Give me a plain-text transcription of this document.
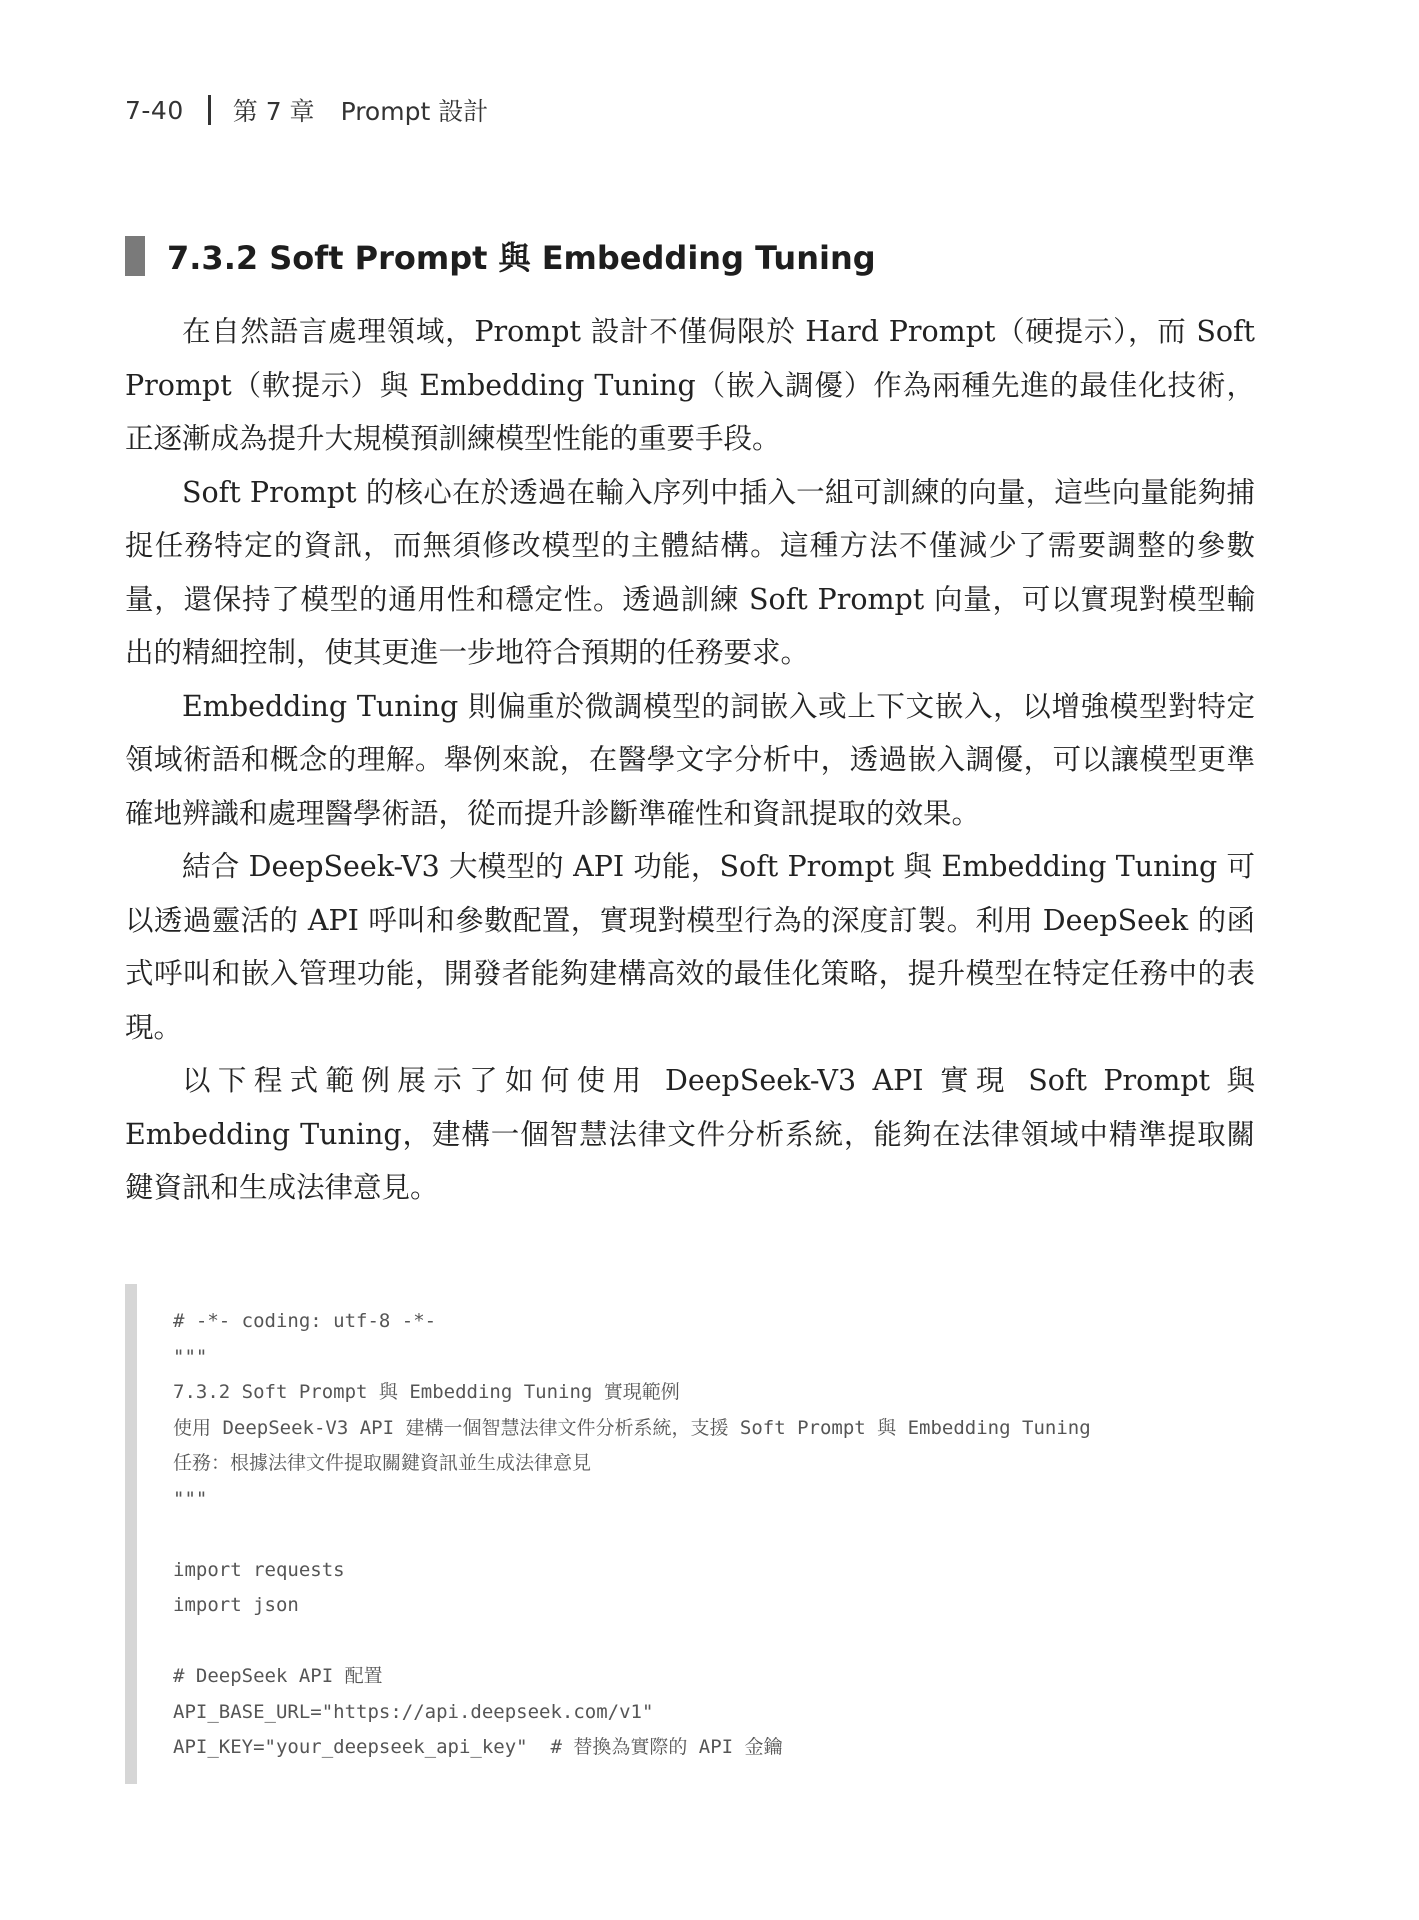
7-40 第 7 章 Prompt 設計
7.3.2 Soft Prompt 與 Embedding Tuning

在自然語言處理領域，Prompt 設計不僅侷限於 Hard Prompt（硬提示），而 Soft Prompt（軟提示）與 Embedding Tuning（嵌入調優）作為兩種先進的最佳化技術，正逐漸成為提升大規模預訓練模型性能的重要手段。

Soft Prompt 的核心在於透過在輸入序列中插入一組可訓練的向量，這些向量能夠捕捉任務特定的資訊，而無須修改模型的主體結構。這種方法不僅減少了需要調整的參數量，還保持了模型的通用性和穩定性。透過訓練 Soft Prompt 向量，可以實現對模型輸出的精細控制，使其更進一步地符合預期的任務要求。

Embedding Tuning 則偏重於微調模型的詞嵌入或上下文嵌入，以增強模型對特定領域術語和概念的理解。舉例來說，在醫學文字分析中，透過嵌入調優，可以讓模型更準確地辨識和處理醫學術語，從而提升診斷準確性和資訊提取的效果。

結合 DeepSeek-V3 大模型的 API 功能，Soft Prompt 與 Embedding Tuning 可以透過靈活的 API 呼叫和參數配置，實現對模型行為的深度訂製。利用 DeepSeek 的函式呼叫和嵌入管理功能，開發者能夠建構高效的最佳化策略，提升模型在特定任務中的表現。

以下程式範例展示了如何使用 DeepSeek-V3 API 實現 Soft Prompt 與 Embedding Tuning，建構一個智慧法律文件分析系統，能夠在法律領域中精準提取關鍵資訊和生成法律意見。

# -*- coding: utf-8 -*-
"""
7.3.2 Soft Prompt 與 Embedding Tuning 實現範例
使用 DeepSeek-V3 API 建構一個智慧法律文件分析系統，支援 Soft Prompt 與 Embedding Tuning
任務：根據法律文件提取關鍵資訊並生成法律意見
"""
import requests
import json
# DeepSeek API 配置
API_BASE_URL="https://api.deepseek.com/v1"
API_KEY="your_deepseek_api_key"  # 替換為實際的 API 金鑰
